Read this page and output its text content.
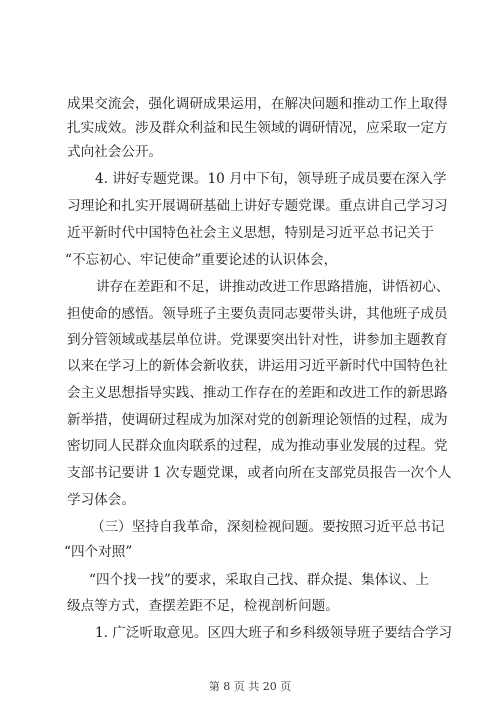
成果交流会，强化调研成果运用，在解决问题和推动工作上取得
扎实成效。涉及群众利益和民生领域的调研情况，应采取一定方
式向社会公开。
4. 讲好专题党课。10 月中下旬，领导班子成员要在深入学
习理论和扎实开展调研基础上讲好专题党课。重点讲自己学习习
近平新时代中国特色社会主义思想，特别是习近平总书记关于
“不忘初心、牢记使命”重要论述的认识体会，
讲存在差距和不足，讲推动改进工作思路措施，讲悟初心、
担使命的感悟。领导班子主要负责同志要带头讲，其他班子成员
到分管领域或基层单位讲。党课要突出针对性，讲参加主题教育
以来在学习上的新体会新收获，讲运用习近平新时代中国特色社
会主义思想指导实践、推动工作存在的差距和改进工作的新思路
新举措，使调研过程成为加深对党的创新理论领悟的过程，成为
密切同人民群众血肉联系的过程，成为推动事业发展的过程。党
支部书记要讲 1 次专题党课，或者向所在支部党员报告一次个人
学习体会。
（三）坚持自我革命，深刻检视问题。要按照习近平总书记
“四个对照”
“四个找一找”的要求，采取自己找、群众提、集体议、上
级点等方式，查摆差距不足，检视剖析问题。
1. 广泛听取意见。区四大班子和乡科级领导班子要结合学习
第 8 页 共 20 页
